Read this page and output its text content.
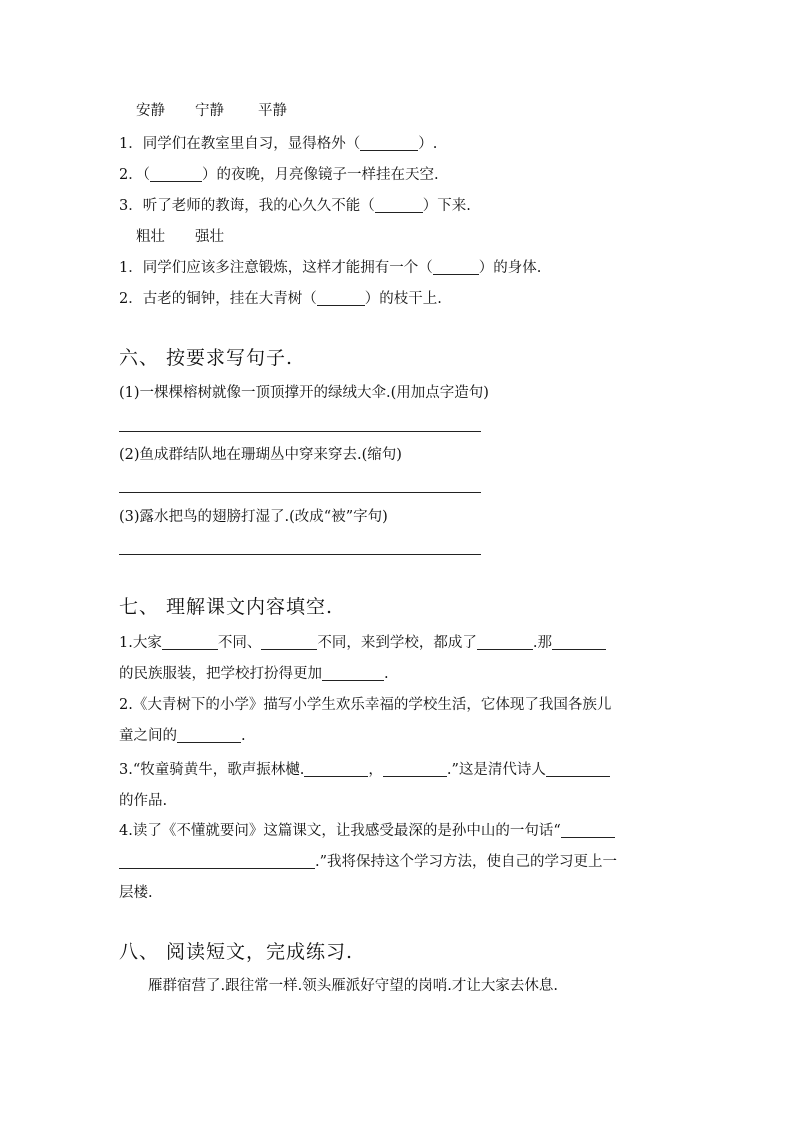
安静 宁静 平静
1．同学们在教室里自习，显得格外（	）.
2．（	）的夜晚，月亮像镜子一样挂在天空.
3．听了老师的教诲，我的心久久不能（	）下来.
粗壮 强壮
1．同学们应该多注意锻炼，这样才能拥有一个（	）的身体.
2．古老的铜钟，挂在大青树（	）的枝干上.
六、 按要求写句子.
(1)一棵棵榕树就像一顶顶撑开的绿绒大伞.(用加点字造句)
(2)鱼成群结队地在珊瑚丛中穿来穿去.(缩句)
(3)露水把鸟的翅膀打湿了.(改成“被”字句)
七、 理解课文内容填空.
1.大家	不同、	不同，来到学校，都成了	.那
的民族服装，把学校打扮得更加	.
2.《大青树下的小学》描写小学生欢乐幸福的学校生活，它体现了我国各族儿
童之间的	.
3.“牧童骑黄牛，歌声振林樾.	，	.”这是清代诗人
的作品.
4.读了《不懂就要问》这篇课文，让我感受最深的是孙中山的一句话“
.”我将保持这个学习方法，使自己的学习更上一
层楼.
八、 阅读短文，完成练习.
雁群宿营了.跟往常一样.领头雁派好守望的岗哨.才让大家去休息.
